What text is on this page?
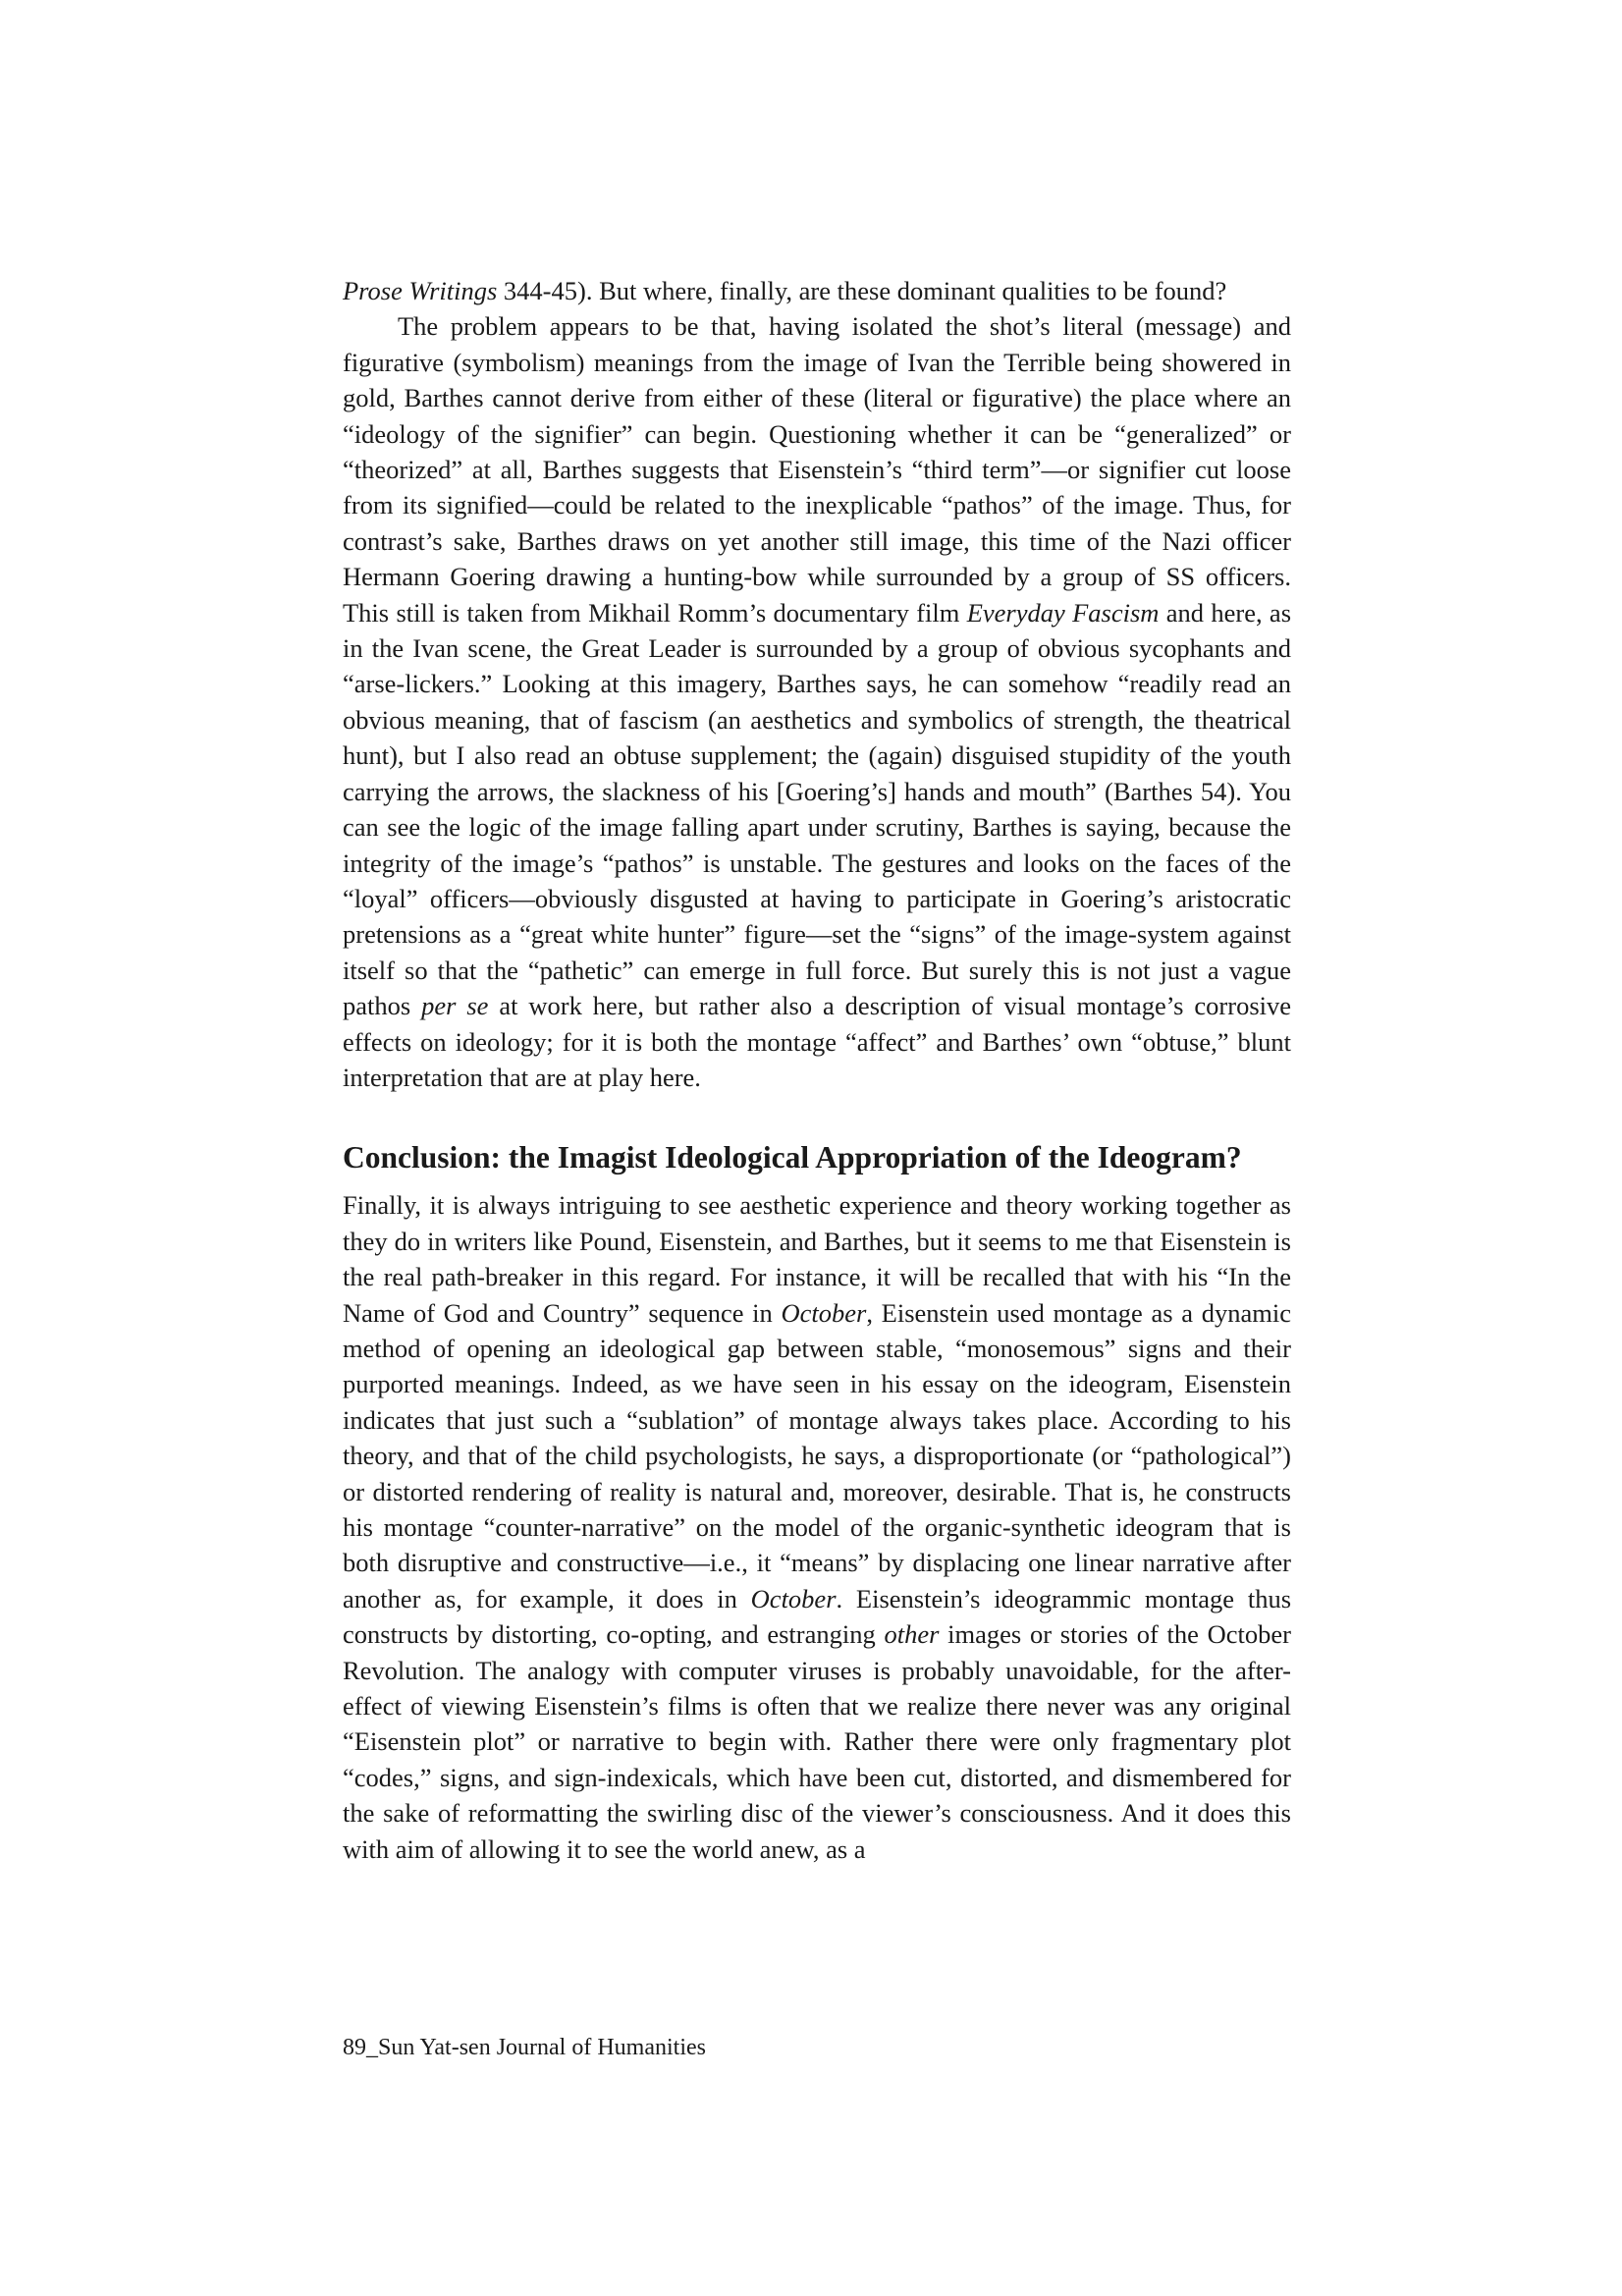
Prose Writings 344-45). But where, finally, are these dominant qualities to be found?

The problem appears to be that, having isolated the shot’s literal (message) and figurative (symbolism) meanings from the image of Ivan the Terrible being showered in gold, Barthes cannot derive from either of these (literal or figurative) the place where an “ideology of the signifier” can begin. Questioning whether it can be “generalized” or “theorized” at all, Barthes suggests that Eisenstein’s “third term”—or signifier cut loose from its signified—could be related to the inexplicable “pathos” of the image. Thus, for contrast’s sake, Barthes draws on yet another still image, this time of the Nazi officer Hermann Goering drawing a hunting-bow while surrounded by a group of SS officers. This still is taken from Mikhail Romm’s documentary film Everyday Fascism and here, as in the Ivan scene, the Great Leader is surrounded by a group of obvious sycophants and “arse-lickers.” Looking at this imagery, Barthes says, he can somehow “readily read an obvious meaning, that of fascism (an aesthetics and symbolics of strength, the theatrical hunt), but I also read an obtuse supplement; the (again) disguised stupidity of the youth carrying the arrows, the slackness of his [Goering’s] hands and mouth” (Barthes 54). You can see the logic of the image falling apart under scrutiny, Barthes is saying, because the integrity of the image’s “pathos” is unstable. The gestures and looks on the faces of the “loyal” officers—obviously disgusted at having to participate in Goering’s aristocratic pretensions as a “great white hunter” figure—set the “signs” of the image-system against itself so that the “pathetic” can emerge in full force. But surely this is not just a vague pathos per se at work here, but rather also a description of visual montage’s corrosive effects on ideology; for it is both the montage “affect” and Barthes’ own “obtuse,” blunt interpretation that are at play here.

Conclusion: the Imagist Ideological Appropriation of the Ideogram?

Finally, it is always intriguing to see aesthetic experience and theory working together as they do in writers like Pound, Eisenstein, and Barthes, but it seems to me that Eisenstein is the real path-breaker in this regard. For instance, it will be recalled that with his “In the Name of God and Country” sequence in October, Eisenstein used montage as a dynamic method of opening an ideological gap between stable, “monosemous” signs and their purported meanings. Indeed, as we have seen in his essay on the ideogram, Eisenstein indicates that just such a “sublation” of montage always takes place. According to his theory, and that of the child psychologists, he says, a disproportionate (or “pathological”) or distorted rendering of reality is natural and, moreover, desirable. That is, he constructs his montage “counter-narrative” on the model of the organic-synthetic ideogram that is both disruptive and constructive—i.e., it “means” by displacing one linear narrative after another as, for example, it does in October. Eisenstein’s ideogrammic montage thus constructs by distorting, co-opting, and estranging other images or stories of the October Revolution. The analogy with computer viruses is probably unavoidable, for the after-effect of viewing Eisenstein’s films is often that we realize there never was any original “Eisenstein plot” or narrative to begin with. Rather there were only fragmentary plot “codes,” signs, and sign-indexicals, which have been cut, distorted, and dismembered for the sake of reformatting the swirling disc of the viewer’s consciousness. And it does this with aim of allowing it to see the world anew, as a

89_Sun Yat-sen Journal of Humanities
